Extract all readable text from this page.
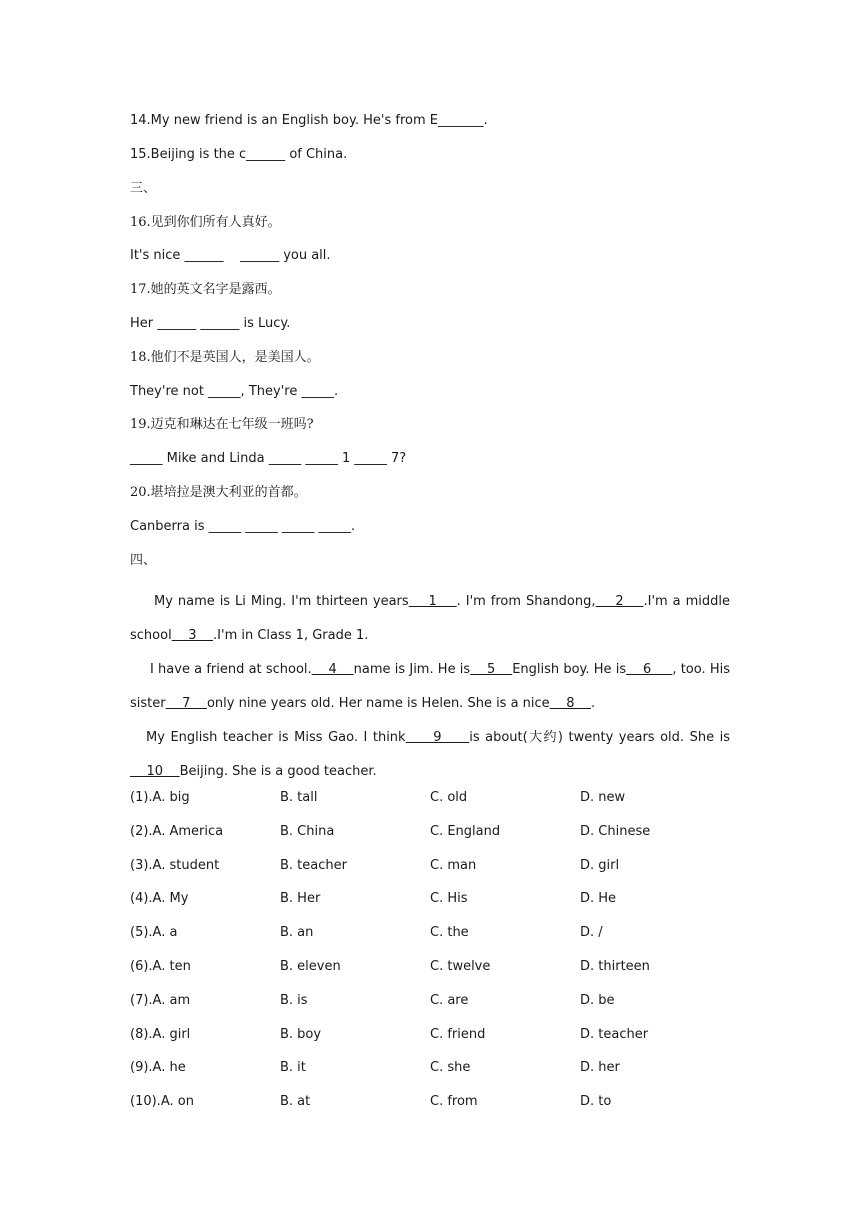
14.My new friend is an English boy. He's from E_______.
15.Beijing is the c______ of China.
三、
16.见到你们所有人真好。
It's nice ______    ______ you all.
17.她的英文名字是露西。
Her ______ ______ is Lucy.
18.他们不是英国人，是美国人。
They're not _____, They're _____.
19.迈克和琳达在七年级一班吗?
_____ Mike and Linda _____ _____ 1 _____ 7?
20.堪培拉是澳大利亚的首都。
Canberra is _____ _____ _____ _____.
四、
My name is Li Ming. I'm thirteen years    1    . I'm from Shandong,    2    .I'm a middle school    3    .I'm in Class 1, Grade 1.
I have a friend at school.    4    name is Jim. He is    5    English boy. He is    6     , too. His sister    7    only nine years old. Her name is Helen. She is a nice    8    .
My English teacher is Miss Gao. I think     9     is about(大约) twenty years old. She is    10    Beijing. She is a good teacher.
(1).A. big	B. tall	C. old	D. new
(2).A. America	B. China	C. England	D. Chinese
(3).A. student	B. teacher	C. man	D. girl
(4).A. My	B. Her	C. His	D. He
(5).A. a	B. an	C. the	D. /
(6).A. ten	B. eleven	C. twelve	D. thirteen
(7).A. am	B. is	C. are	D. be
(8).A. girl	B. boy	C. friend	D. teacher
(9).A. he	B. it	C. she	D. her
(10).A. on	B. at	C. from	D. to
